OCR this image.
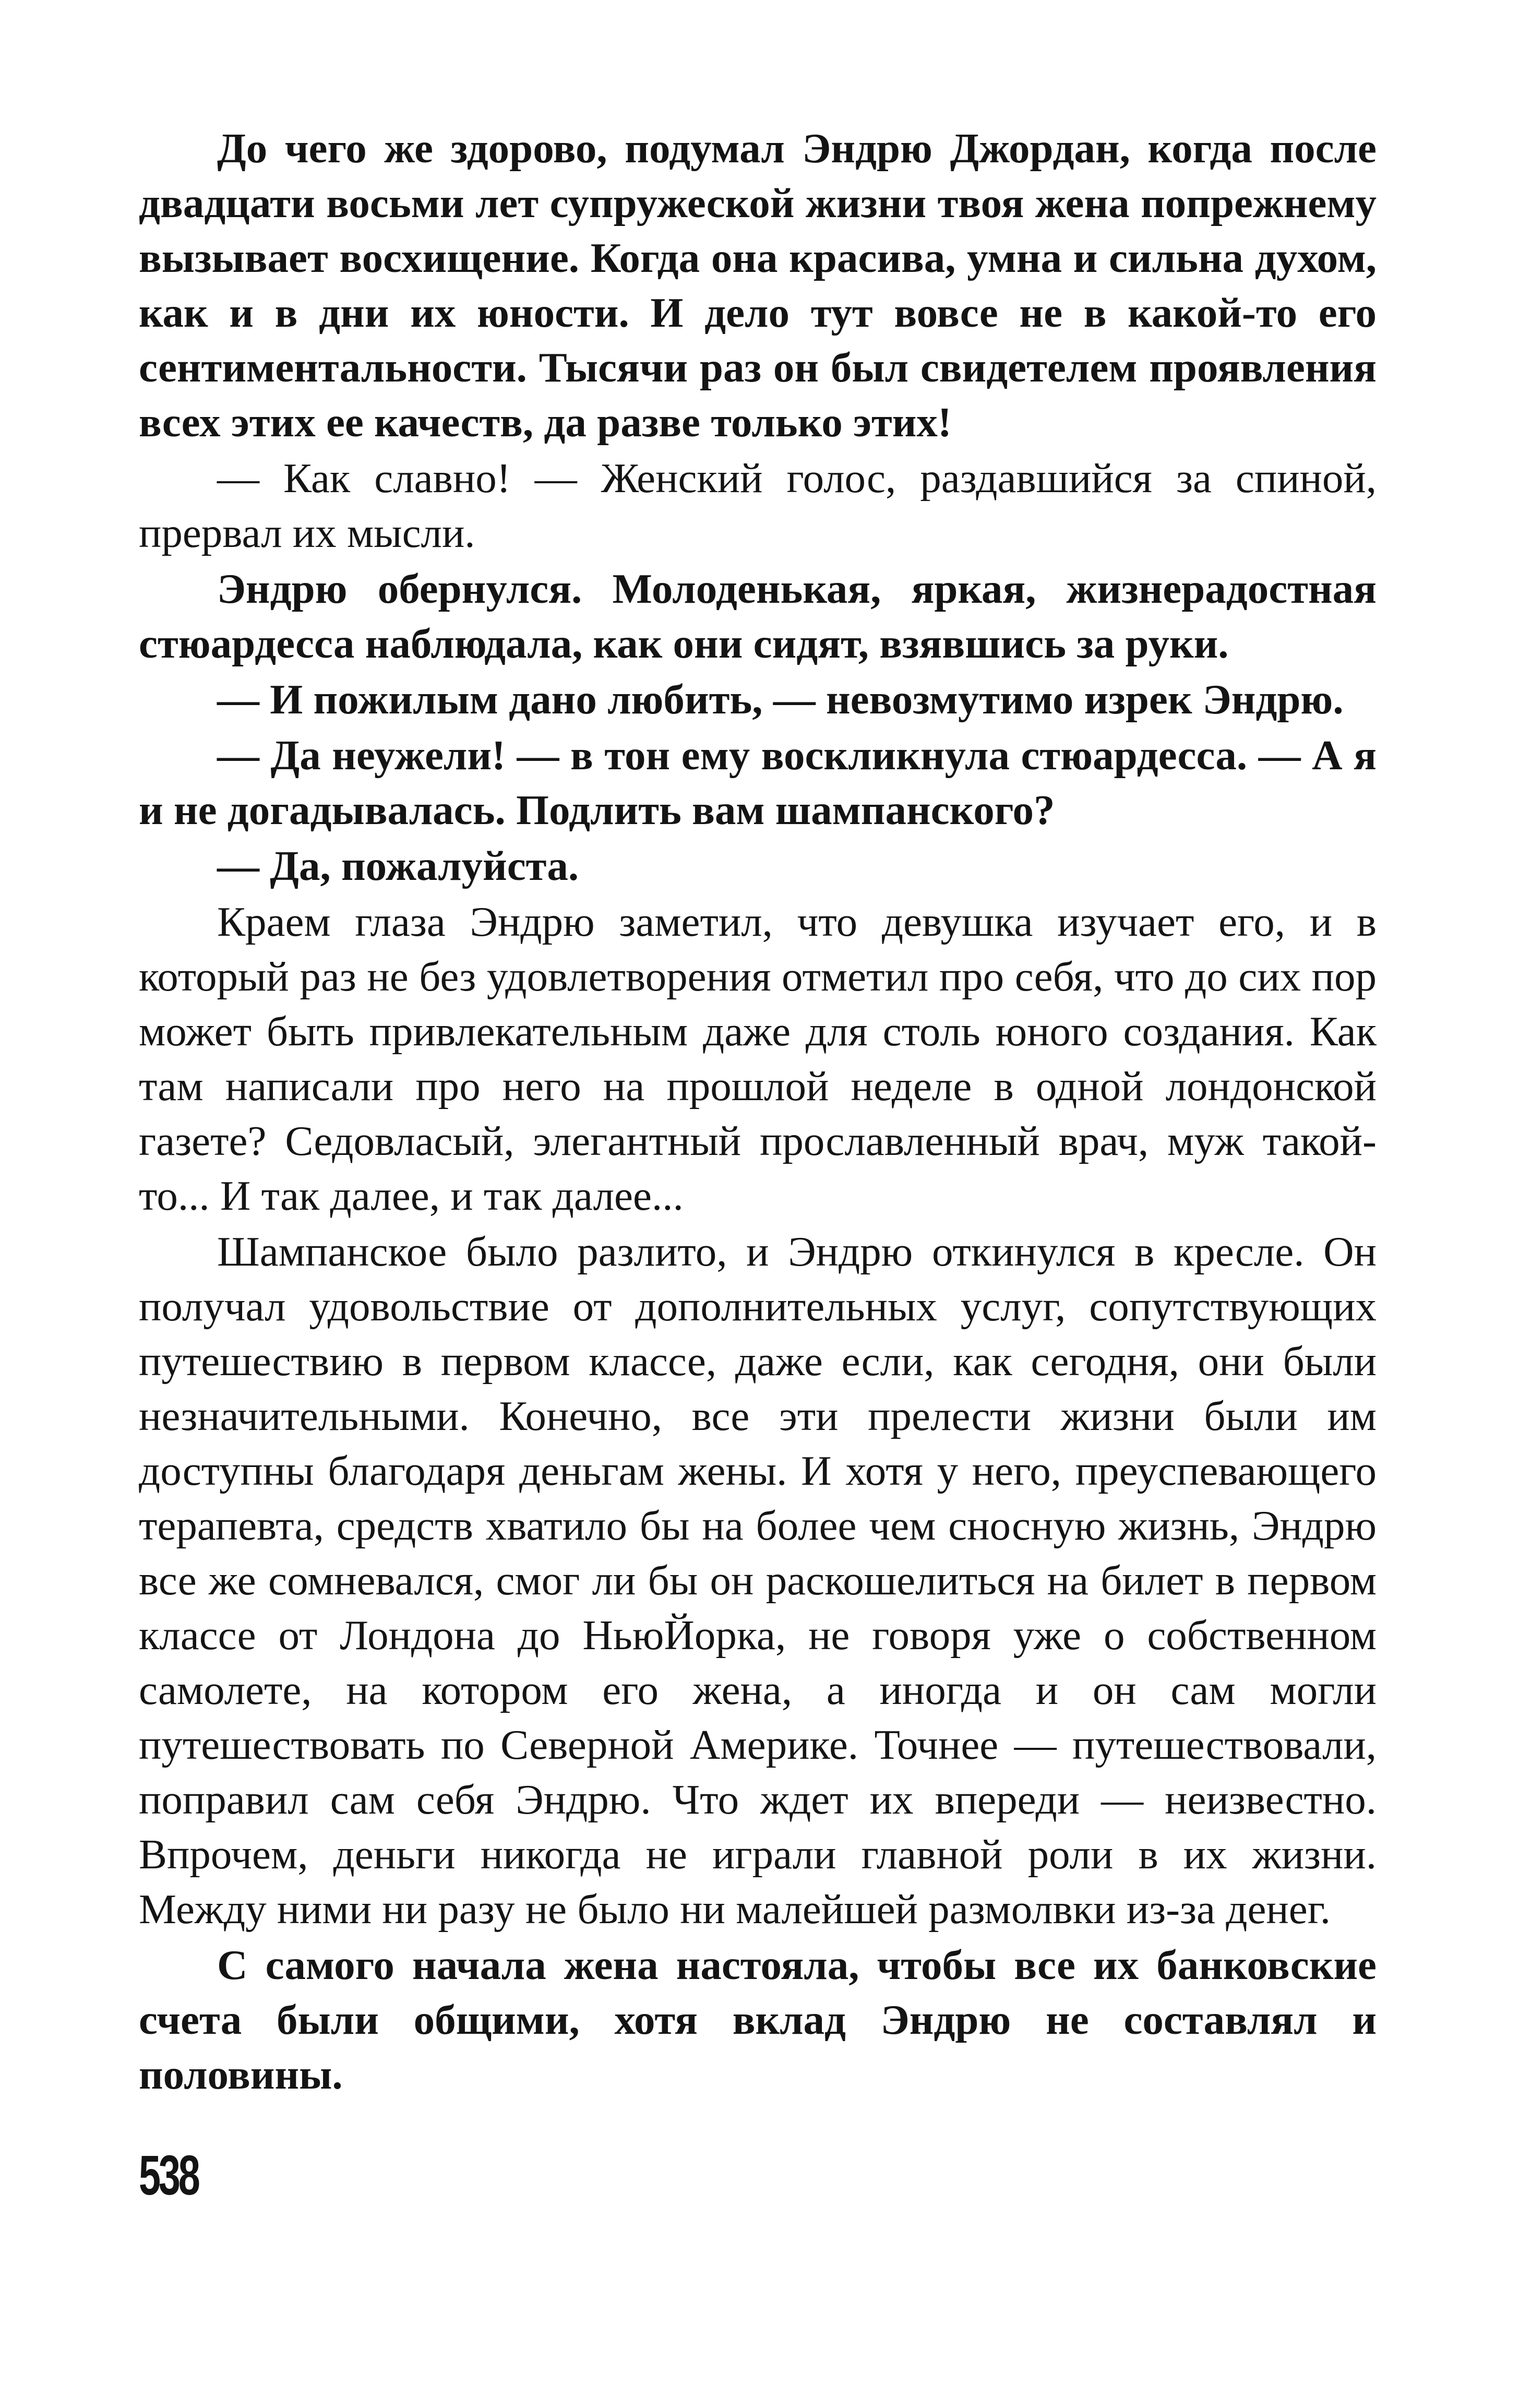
До чего же здорово, подумал Эндрю Джордан, когда после двадцати восьми лет супружеской жизни твоя жена попрежнему вызывает восхищение. Когда она красива, умна и сильна духом, как и в дни их юности. И дело тут вовсе не в какой-то его сентиментальности. Тысячи раз он был свидетелем проявления всех этих ее качеств, да разве только этих!

— Как славно! — Женский голос, раздавшийся за спиной, прервал их мысли.

Эндрю обернулся. Молоденькая, яркая, жизнерадостная стюардесса наблюдала, как они сидят, взявшись за руки.

— И пожилым дано любить, — невозмутимо изрек Эндрю.

— Да неужели! — в тон ему воскликнула стюардесса. — А я и не догадывалась. Подлить вам шампанского?

— Да, пожалуйста.

Краем глаза Эндрю заметил, что девушка изучает его, и в который раз не без удовлетворения отметил про себя, что до сих пор может быть привлекательным даже для столь юного создания. Как там написали про него на прошлой неделе в одной лондонской газете? Седовласый, элегантный прославленный врач, муж такой-то... И так далее, и так далее...

Шампанское было разлито, и Эндрю откинулся в кресле. Он получал удовольствие от дополнительных услуг, сопутствующих путешествию в первом классе, даже если, как сегодня, они были незначительными. Конечно, все эти прелести жизни были им доступны благодаря деньгам жены. И хотя у него, преуспевающего терапевта, средств хватило бы на более чем сносную жизнь, Эндрю все же сомневался, смог ли бы он раскошелиться на билет в первом классе от Лондона до НьюЙорка, не говоря уже о собственном самолете, на котором его жена, а иногда и он сам могли путешествовать по Северной Америке. Точнее — путешествовали, поправил сам себя Эндрю. Что ждет их впереди — неизвестно. Впрочем, деньги никогда не играли главной роли в их жизни. Между ними ни разу не было ни малейшей размолвки из-за денег.

С самого начала жена настояла, чтобы все их банковские счета были общими, хотя вклад Эндрю не составлял и половины.

538
